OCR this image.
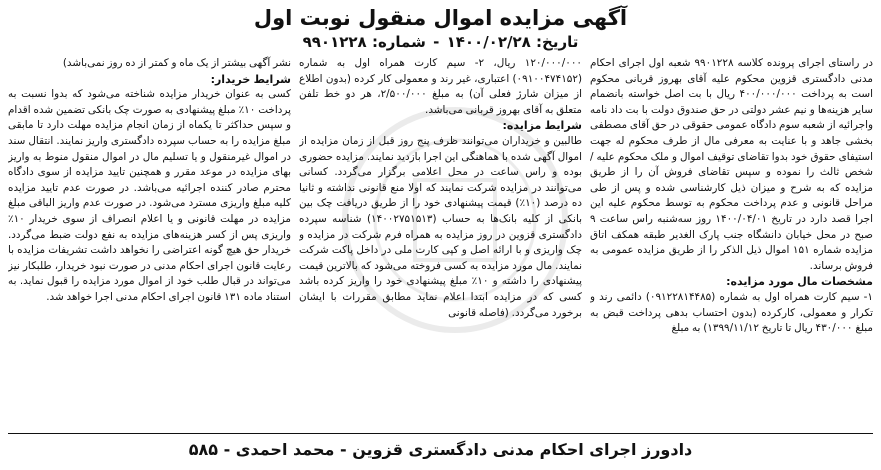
آگهی مزایده اموال منقول نوبت اول
تاریخ: ۱۴۰۰/۰۲/۲۸ - شماره: ۹۹۰۱۲۲۸

در راستای اجرای پرونده کلاسه ۹۹۰۱۲۲۸ شعبه اول اجرای احکام مدنی دادگستری قزوین محکوم علیه آقای بهروز قربانی محکوم است به پرداخت ۴۰۰/۰۰۰/۰۰۰ ریال با بت اصل خواسته بانضمام سایر هزینه‌ها و نیم عشر دولتی در حق صندوق دولت با بت داد نامه واجرائیه از شعبه سوم دادگاه عمومی حقوقی در حق آقای مصطفی بخشی جاهد و با عنایت به معرفی مال از طرف محکوم له جهت استیفای حقوق خود بدوا تقاضای توقیف اموال و ملک محکوم علیه / شخص ثالث را نموده و سپس تقاضای فروش آن را از طریق مزایده که به شرح و میزان ذیل کارشناسی شده و پس از طی مراحل قانونی و عدم پرداخت محکوم به توسط محکوم علیه این اجرا قصد دارد در تاریخ ۱۴۰۰/۰۴/۰۱ روز سه‌شنبه راس ساعت ۹ صبح در محل خیابان دانشگاه جنب پارک الغدیر طبقه همکف اتاق مزایده شماره ۱۵۱ اموال ذیل الذکر را از طریق مزایده عمومی به فروش برساند.

مشخصات مال مورد مزایده:

۱- سیم کارت همراه اول به شماره (۰۹۱۲۲۸۱۴۴۸۵) دائمی رند و تکرار و معمولی، کارکرده (بدون احتساب بدهی پرداخت قبض به مبلغ ۴۳۰/۰۰۰ ریال تا تاریخ ۱۳۹۹/۱۱/۱۲) به مبلغ

۱۲۰/۰۰۰/۰۰۰ ریال، ۲- سیم کارت همراه اول به شماره (۰۹۱۰۰۴۷۴۱۵۲) اعتباری، غیر رند و معمولی کار کرده (بدون اطلاع از میزان شارژ فعلی آن) به مبلغ ۲/۵۰۰/۰۰۰، هر دو خط تلفن متعلق به آقای بهروز قربانی می‌باشد.

شرایط مزایده:

طالبین و خریداران می‌توانند ظرف پنج روز قبل از زمان مزایده از اموال آگهی شده با هماهنگی این اجرا بازدید نمایند. مزایده حضوری بوده و راس ساعت در محل اعلامی برگزار می‌گردد. کسانی می‌توانند در مزایده شرکت نمایند که اولا منع قانونی نداشته و ثانیا ده درصد (۱۰٪) قیمت پیشنهادی خود را از طریق دریافت چک بین بانکی از کلیه بانک‌ها به حساب (۱۴۰۰۲۷۵۱۵۱۳) شناسه سپرده دادگستری قزوین در روز مزایده به همراه فرم شرکت در مزایده و چک واریزی و با ارائه اصل و کپی کارت ملی در داخل پاکت شرکت نمایند. مال مورد مزایده به کسی فروخته می‌شود که بالاترین قیمت پیشنهادی را داشته و ۱۰٪ مبلغ پیشنهادی خود را واریز کرده باشد کسی که در مزایده ابتدا اعلام نماید مطابق مقررات با ایشان برخورد می‌گردد. (فاصله قانونی

نشر آگهی بیشتر از یک ماه و کمتر از ده روز نمی‌باشد)

شرایط خریدار:

کسی به عنوان خریدار مزایده شناخته می‌شود که بدوا نسبت به پرداخت ۱۰٪ مبلغ پیشنهادی به صورت چک بانکی تضمین شده اقدام و سپس حداکثر تا یکماه از زمان انجام مزایده مهلت دارد تا مابقی مبلغ مزایده را به حساب سپرده دادگستری واریز نمایند. انتقال سند در اموال غیرمنقول و یا تسلیم مال در اموال منقول منوط به واریز بهای مزایده در موعد مقرر و همچنین تایید مزایده از سوی دادگاه محترم صادر کننده اجرائیه می‌باشد. در صورت عدم تایید مزایده کلیه مبلغ واریزی مسترد می‌شود. در صورت عدم واریز الباقی مبلغ مزایده در مهلت قانونی و یا اعلام انصراف از سوی خریدار ۱۰٪ واریزی پس از کسر هزینه‌های مزایده به نفع دولت ضبط می‌گردد. خریدار حق هیچ گونه اعتراضی را نخواهد داشت تشریفات مزایده با رعایت قانون اجرای احکام مدنی در صورت نبود خریدار، طلبکار نیز می‌تواند در قبال طلب خود از اموال مورد مزایده را قبول نماید. به استناد ماده ۱۳۱ قانون اجرای احکام مدنی اجرا خواهد شد.

دادورز اجرای احکام مدنی دادگستری قزوین - محمد احمدی - ۵۸۵
